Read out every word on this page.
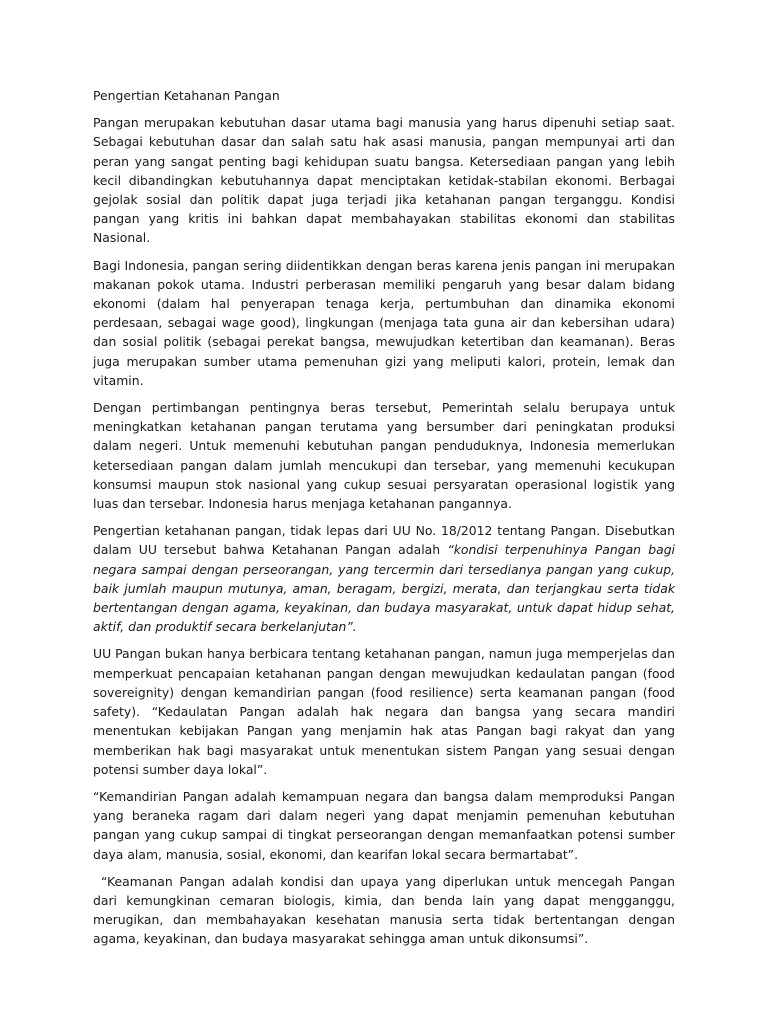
Pengertian Ketahanan Pangan

Pangan merupakan kebutuhan dasar utama bagi manusia yang harus dipenuhi setiap saat. Sebagai kebutuhan dasar dan salah satu hak asasi manusia, pangan mempunyai arti dan peran yang sangat penting bagi kehidupan suatu bangsa. Ketersediaan pangan yang lebih kecil dibandingkan kebutuhannya dapat menciptakan ketidak-stabilan ekonomi. Berbagai gejolak sosial dan politik dapat juga terjadi jika ketahanan pangan terganggu. Kondisi pangan yang kritis ini bahkan dapat membahayakan stabilitas ekonomi dan stabilitas Nasional.

Bagi Indonesia, pangan sering diidentikkan dengan beras karena jenis pangan ini merupakan makanan pokok utama. Industri perberasan memiliki pengaruh yang besar dalam bidang ekonomi (dalam hal penyerapan tenaga kerja, pertumbuhan dan dinamika ekonomi perdesaan, sebagai wage good), lingkungan (menjaga tata guna air dan kebersihan udara) dan sosial politik (sebagai perekat bangsa, mewujudkan ketertiban dan keamanan). Beras juga merupakan sumber utama pemenuhan gizi yang meliputi kalori, protein, lemak dan vitamin.

Dengan pertimbangan pentingnya beras tersebut, Pemerintah selalu berupaya untuk meningkatkan ketahanan pangan terutama yang bersumber dari peningkatan produksi dalam negeri. Untuk memenuhi kebutuhan pangan penduduknya, Indonesia memerlukan ketersediaan pangan dalam jumlah mencukupi dan tersebar, yang memenuhi kecukupan konsumsi maupun stok nasional yang cukup sesuai persyaratan operasional logistik yang luas dan tersebar. Indonesia harus menjaga ketahanan pangannya.

Pengertian ketahanan pangan, tidak lepas dari UU No. 18/2012 tentang Pangan. Disebutkan dalam UU tersebut bahwa Ketahanan Pangan adalah “kondisi terpenuhinya Pangan bagi negara sampai dengan perseorangan, yang tercermin dari tersedianya pangan yang cukup, baik jumlah maupun mutunya, aman, beragam, bergizi, merata, dan terjangkau serta tidak bertentangan dengan agama, keyakinan, dan budaya masyarakat, untuk dapat hidup sehat, aktif, dan produktif secara berkelanjutan”.

UU Pangan bukan hanya berbicara tentang ketahanan pangan, namun juga memperjelas dan memperkuat pencapaian ketahanan pangan dengan mewujudkan kedaulatan pangan (food sovereignity) dengan kemandirian pangan (food resilience) serta keamanan pangan (food safety). “Kedaulatan Pangan adalah hak negara dan bangsa yang secara mandiri menentukan kebijakan Pangan yang menjamin hak atas Pangan bagi rakyat dan yang memberikan hak bagi masyarakat untuk menentukan sistem Pangan yang sesuai dengan potensi sumber daya lokal”.

“Kemandirian Pangan adalah kemampuan negara dan bangsa dalam memproduksi Pangan yang beraneka ragam dari dalam negeri yang dapat menjamin pemenuhan kebutuhan pangan yang cukup sampai di tingkat perseorangan dengan memanfaatkan potensi sumber daya alam, manusia, sosial, ekonomi, dan kearifan lokal secara bermartabat”.

“Keamanan Pangan adalah kondisi dan upaya yang diperlukan untuk mencegah Pangan dari kemungkinan cemaran biologis, kimia, dan benda lain yang dapat mengganggu, merugikan, dan membahayakan kesehatan manusia serta tidak bertentangan dengan agama, keyakinan, dan budaya masyarakat sehingga aman untuk dikonsumsi”.
